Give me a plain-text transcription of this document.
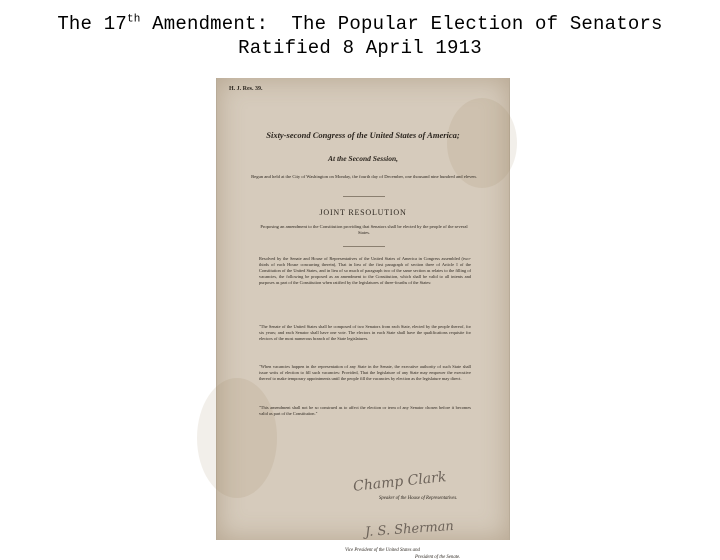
The 17th Amendment:  The Popular Election of Senators
Ratified 8 April 1913
H. J. Res. 39.
Sixty-second Congress of the United States of America;
At the Second Session,
Begun and held at the City of Washington on Monday, the fourth day of December, one thousand nine hundred and eleven.
JOINT RESOLUTION
Proposing an amendment to the Constitution providing that Senators shall be elected by the people of the several States.
Resolved by the Senate and House of Representatives of the United States of America in Congress assembled (two-thirds of each House concurring therein), That in lieu of the first paragraph of section three of Article I of the Constitution of the United States, and in lieu of so much of paragraph two of the same section as relates to the filling of vacancies, the following be proposed as an amendment to the Constitution, which shall be valid to all intents and purposes as part of the Constitution when ratified by the legislatures of three-fourths of the States:
"The Senate of the United States shall be composed of two Senators from each State, elected by the people thereof, for six years; and each Senator shall have one vote. The electors in each State shall have the qualifications requisite for electors of the most numerous branch of the State legislatures.
"When vacancies happen in the representation of any State in the Senate, the executive authority of such State shall issue writs of election to fill such vacancies: Provided, That the legislature of any State may empower the executive thereof to make temporary appointments until the people fill the vacancies by election as the legislature may direct.
"This amendment shall not be so construed as to affect the election or term of any Senator chosen before it becomes valid as part of the Constitution."
Champ Clark
Speaker of the House of Representatives.
J. S. Sherman
Vice President of the United States and
President of the Senate.
